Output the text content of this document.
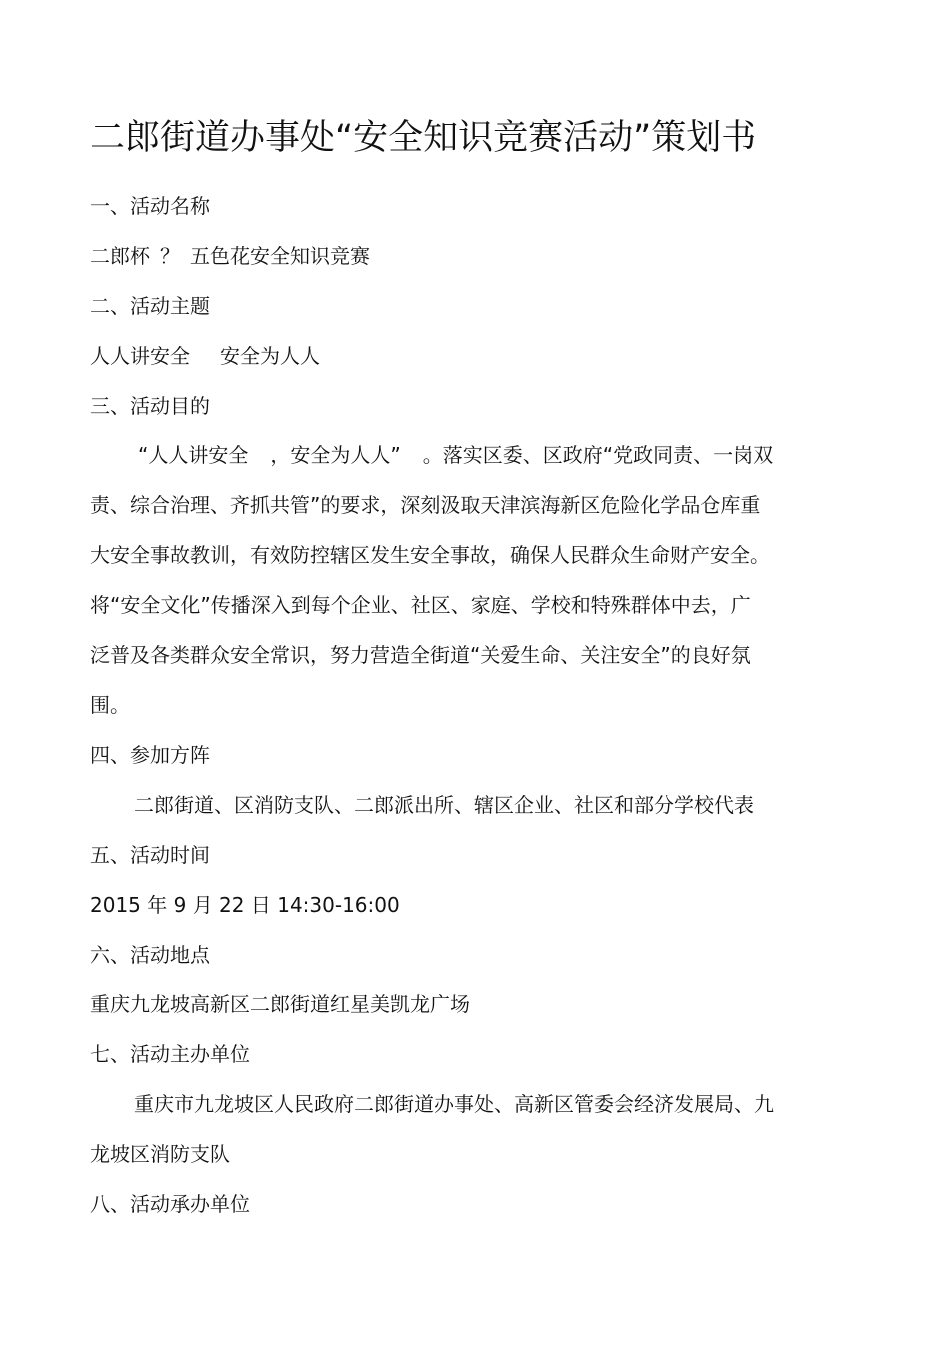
二郎街道办事处“安全知识竞赛活动”策划书
一、活动名称
二郎杯 ？ 五色花安全知识竞赛
二、活动主题
人人讲安全 安全为人人
三、活动目的
“人人讲安全 ，安全为人人” 。落实区委、区政府“党政同责、一岗双
责、综合治理、齐抓共管”的要求，深刻汲取天津滨海新区危险化学品仓库重
大安全事故教训，有效防控辖区发生安全事故，确保人民群众生命财产安全。
将“安全文化”传播深入到每个企业、社区、家庭、学校和特殊群体中去，广
泛普及各类群众安全常识，努力营造全街道“关爱生命、关注安全”的良好氛
围。
四、参加方阵
二郎街道、区消防支队、二郎派出所、辖区企业、社区和部分学校代表
五、活动时间
2015 年 9 月 22 日 14:30-16:00
六、活动地点
重庆九龙坡高新区二郎街道红星美凯龙广场
七、活动主办单位
重庆市九龙坡区人民政府二郎街道办事处、高新区管委会经济发展局、九
龙坡区消防支队
八、活动承办单位
